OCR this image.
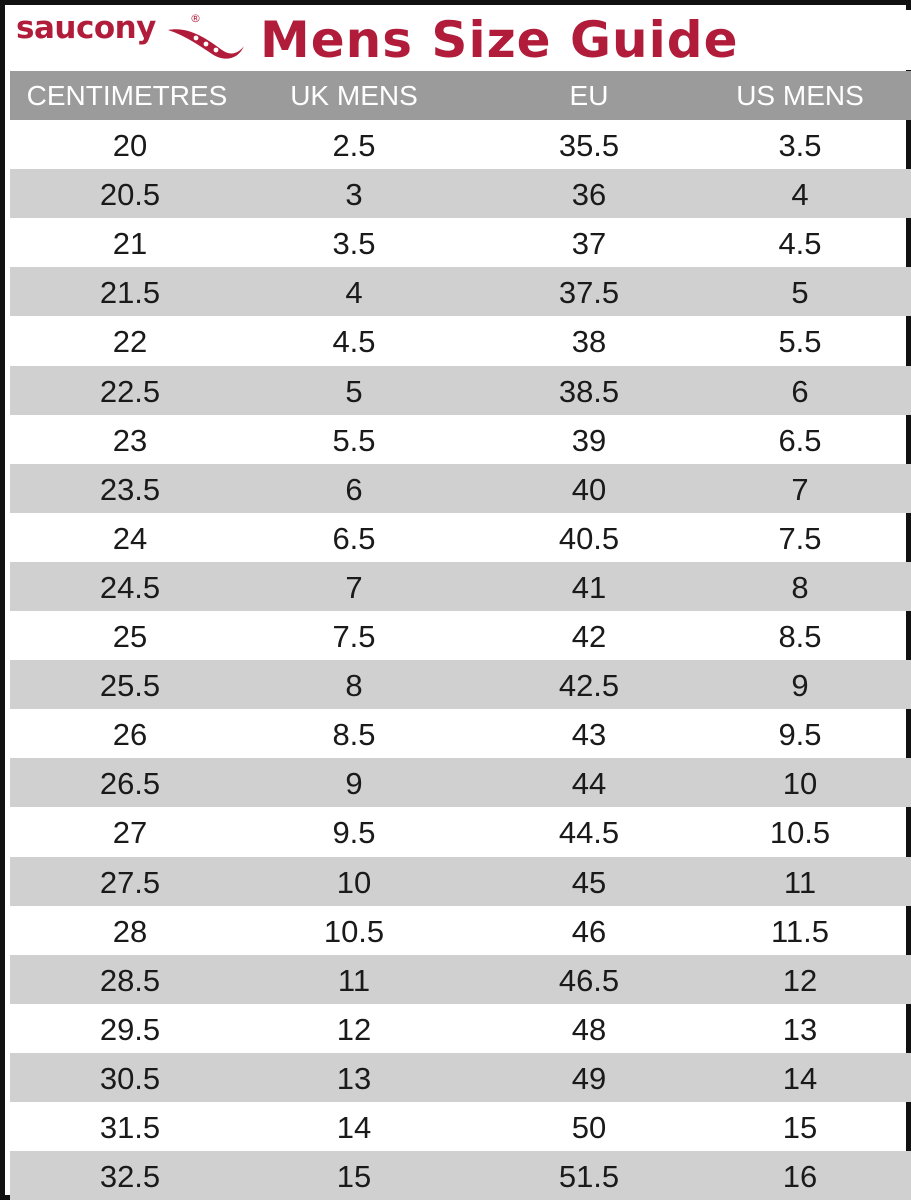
saucony	® Mens Size Guide
CENTIMETRES	UK MENS	EU	US MENS
20	2.5	35.5	3.5
20.5	3	36	4
21	3.5	37	4.5
21.5	4	37.5	5
22	4.5	38	5.5
22.5	5	38.5	6
23	5.5	39	6.5
23.5	6	40	7
24	6.5	40.5	7.5
24.5	7	41	8
25	7.5	42	8.5
25.5	8	42.5	9
26	8.5	43	9.5
26.5	9	44	10
27	9.5	44.5	10.5
27.5	10	45	11
28	10.5	46	11.5
28.5	11	46.5	12
29.5	12	48	13
30.5	13	49	14
31.5	14	50	15
32.5	15	51.5	16
